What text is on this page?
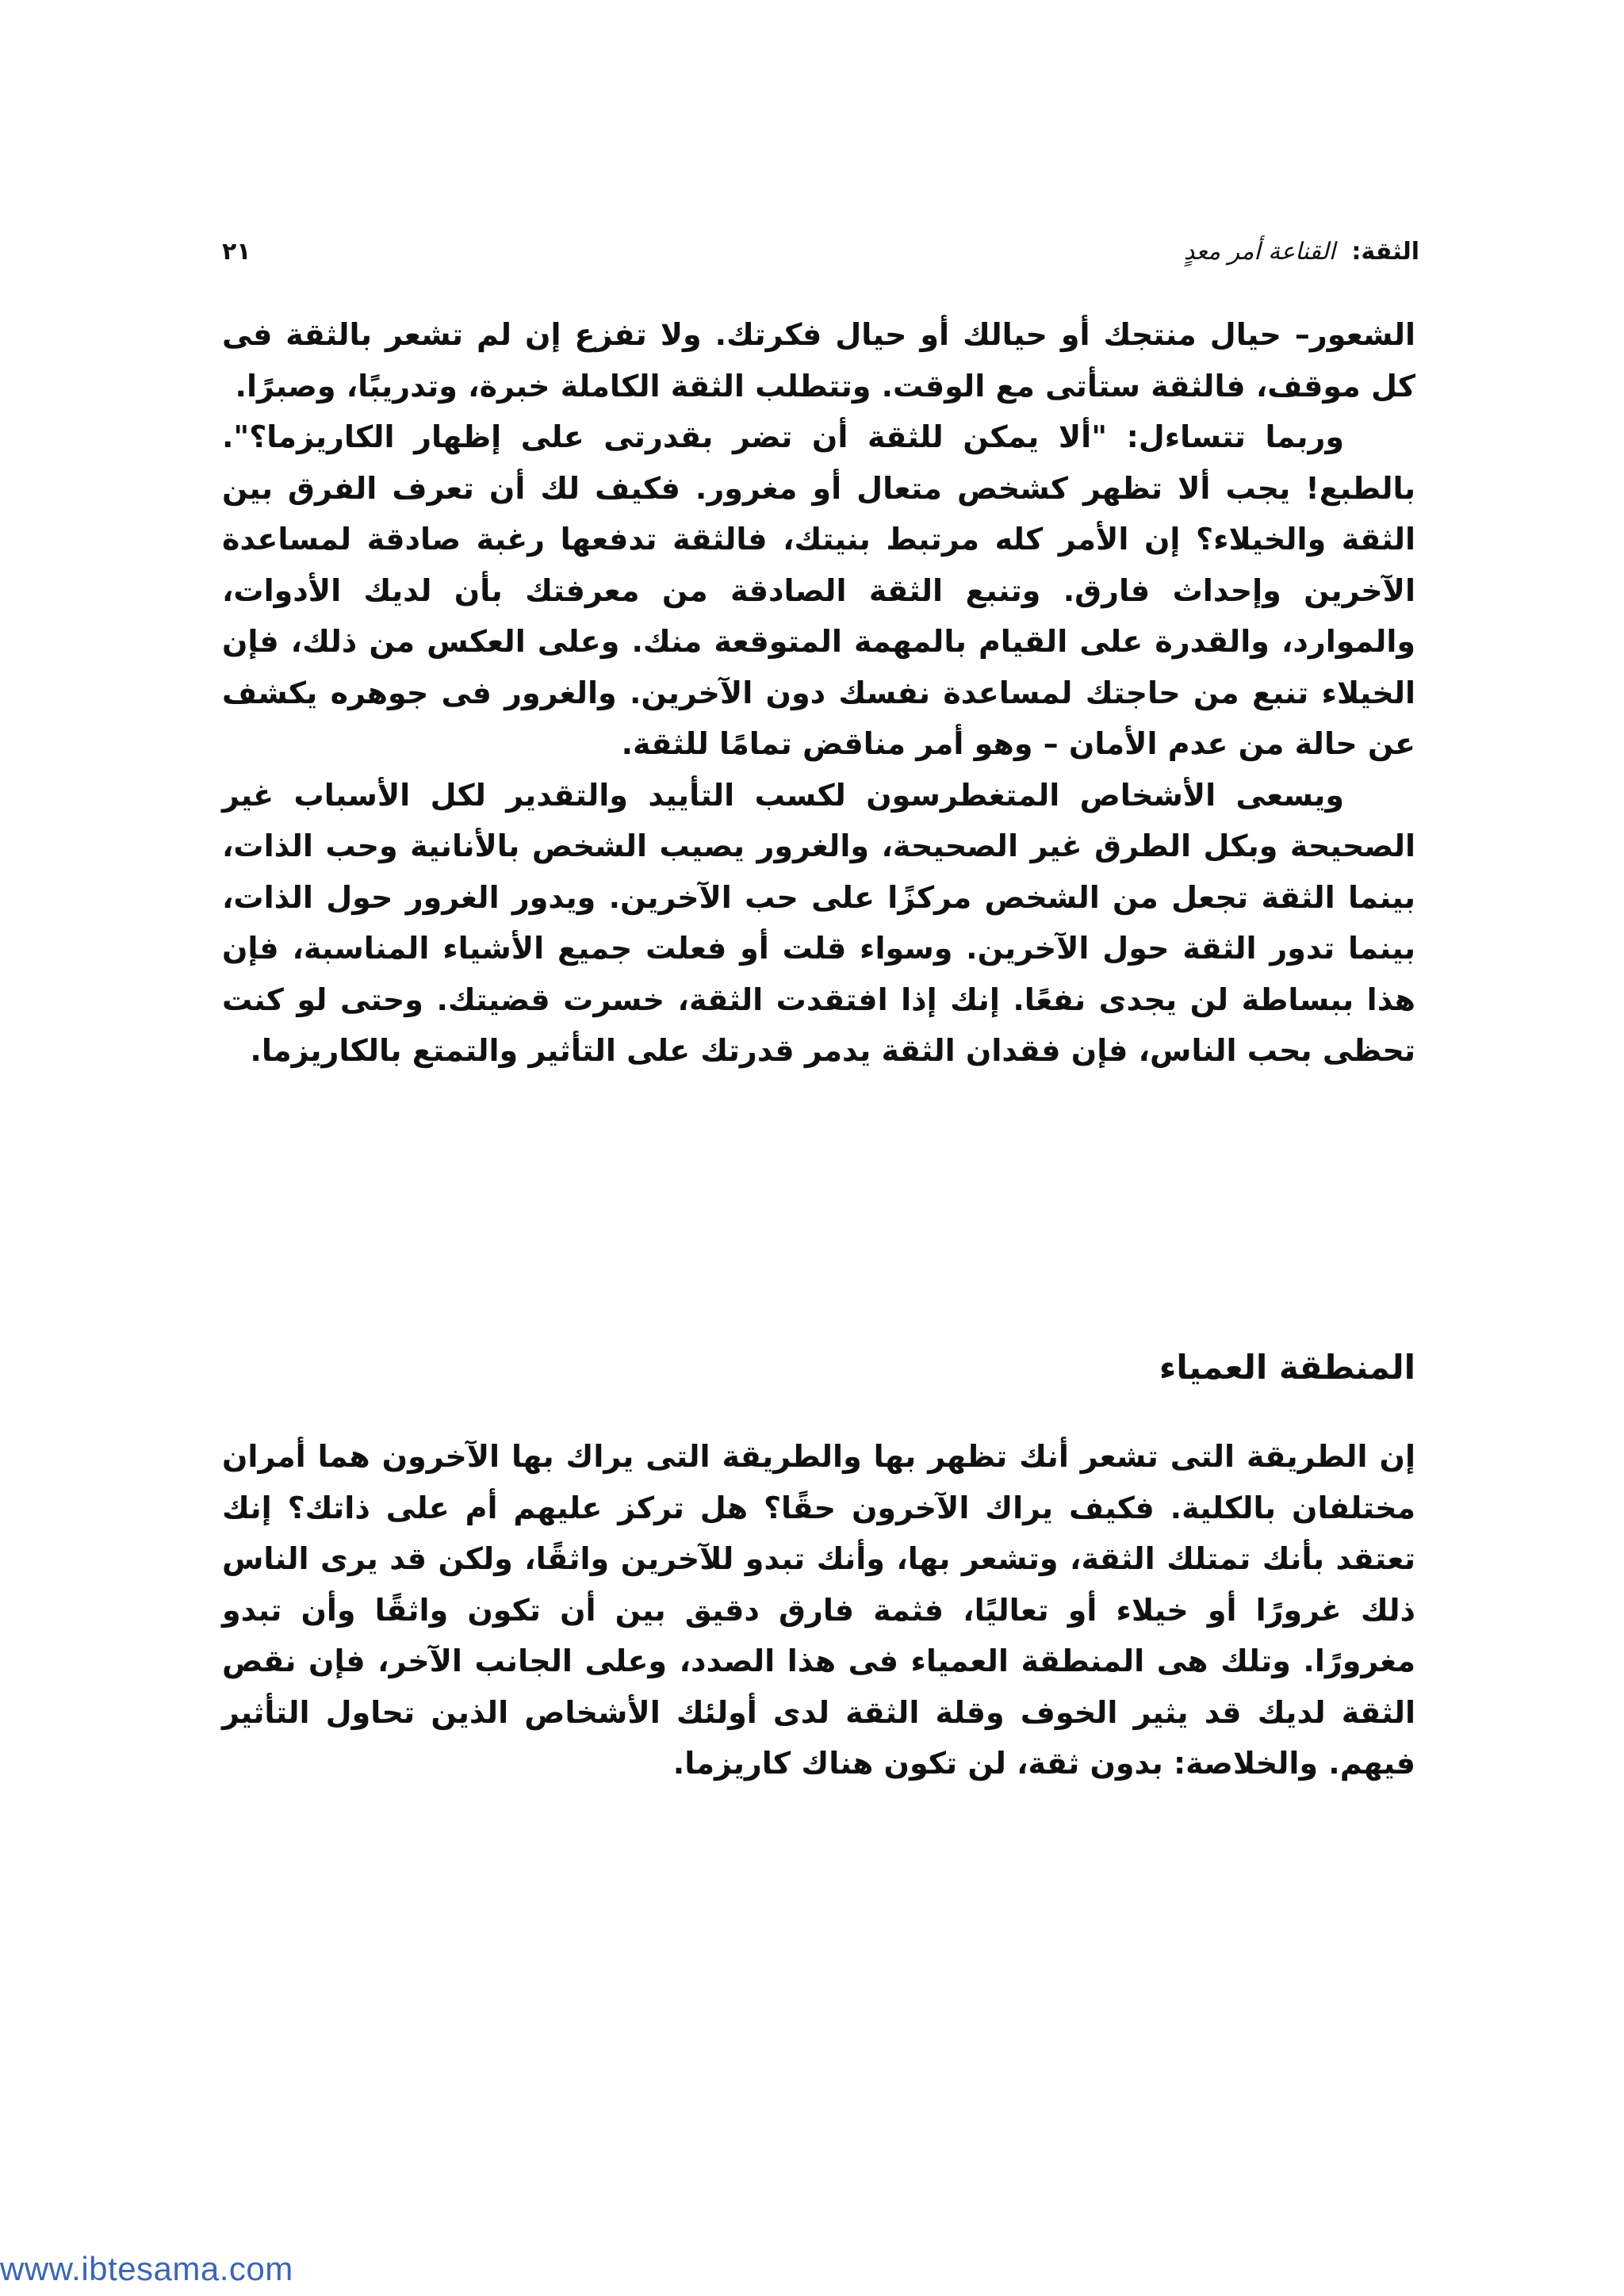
الثقة: القناعة أمر معدٍ
٢١

الشعور– حيال منتجك أو حيالك أو حيال فكرتك. ولا تفزع إن لم تشعر بالثقة فى كل موقف، فالثقة ستأتى مع الوقت. وتتطلب الثقة الكاملة خبرة، وتدريبًا، وصبرًا.

وربما تتساءل: "ألا يمكن للثقة أن تضر بقدرتى على إظهار الكاريزما؟". بالطبع! يجب ألا تظهر كشخص متعال أو مغرور. فكيف لك أن تعرف الفرق بين الثقة والخيلاء؟ إن الأمر كله مرتبط بنيتك، فالثقة تدفعها رغبة صادقة لمساعدة الآخرين وإحداث فارق. وتنبع الثقة الصادقة من معرفتك بأن لديك الأدوات، والموارد، والقدرة على القيام بالمهمة المتوقعة منك. وعلى العكس من ذلك، فإن الخيلاء تنبع من حاجتك لمساعدة نفسك دون الآخرين. والغرور فى جوهره يكشف عن حالة من عدم الأمان – وهو أمر مناقض تمامًا للثقة.

ويسعى الأشخاص المتغطرسون لكسب التأييد والتقدير لكل الأسباب غير الصحيحة وبكل الطرق غير الصحيحة، والغرور يصيب الشخص بالأنانية وحب الذات، بينما الثقة تجعل من الشخص مركزًا على حب الآخرين. ويدور الغرور حول الذات، بينما تدور الثقة حول الآخرين. وسواء قلت أو فعلت جميع الأشياء المناسبة، فإن هذا ببساطة لن يجدى نفعًا. إنك إذا افتقدت الثقة، خسرت قضيتك. وحتى لو كنت تحظى بحب الناس، فإن فقدان الثقة يدمر قدرتك على التأثير والتمتع بالكاريزما.

المنطقة العمياء

إن الطريقة التى تشعر أنك تظهر بها والطريقة التى يراك بها الآخرون هما أمران مختلفان بالكلية. فكيف يراك الآخرون حقًا؟ هل تركز عليهم أم على ذاتك؟ إنك تعتقد بأنك تمتلك الثقة، وتشعر بها، وأنك تبدو للآخرين واثقًا، ولكن قد يرى الناس ذلك غرورًا أو خيلاء أو تعاليًا، فثمة فارق دقيق بين أن تكون واثقًا وأن تبدو مغرورًا. وتلك هى المنطقة العمياء فى هذا الصدد، وعلى الجانب الآخر، فإن نقص الثقة لديك قد يثير الخوف وقلة الثقة لدى أولئك الأشخاص الذين تحاول التأثير فيهم. والخلاصة: بدون ثقة، لن تكون هناك كاريزما.

www.ibtesama.com
